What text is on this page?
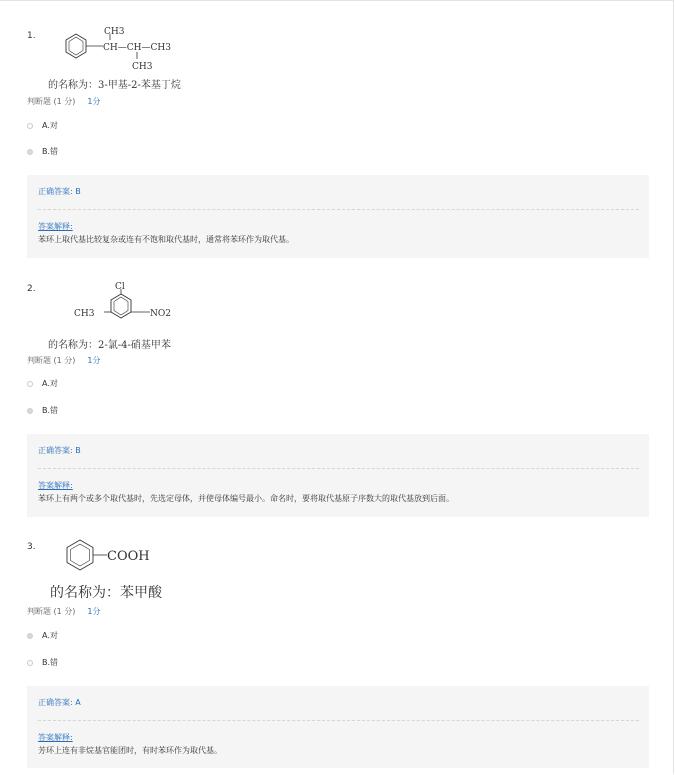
1.	CH3
CH—CH—CH3
CH3
的名称为：3-甲基-2-苯基丁烷
判断题 (1 分) 1分
A.对
B.错
正确答案: B
答案解释:
苯环上取代基比较复杂或连有不饱和取代基时，通常将苯环作为取代基。
2.	Cl
CH3	NO2
的名称为：2-氯-4-硝基甲苯
判断题 (1 分) 1分
A.对
B.错
正确答案: B
答案解释:
苯环上有两个或多个取代基时，先选定母体，并使母体编号最小。命名时，要将取代基原子序数大的取代基放到后面。
3.
COOH
的名称为：苯甲酸
判断题 (1 分) 1分
A.对
B.错
正确答案: A
答案解释:
芳环上连有非烷基官能团时，有时苯环作为取代基。
